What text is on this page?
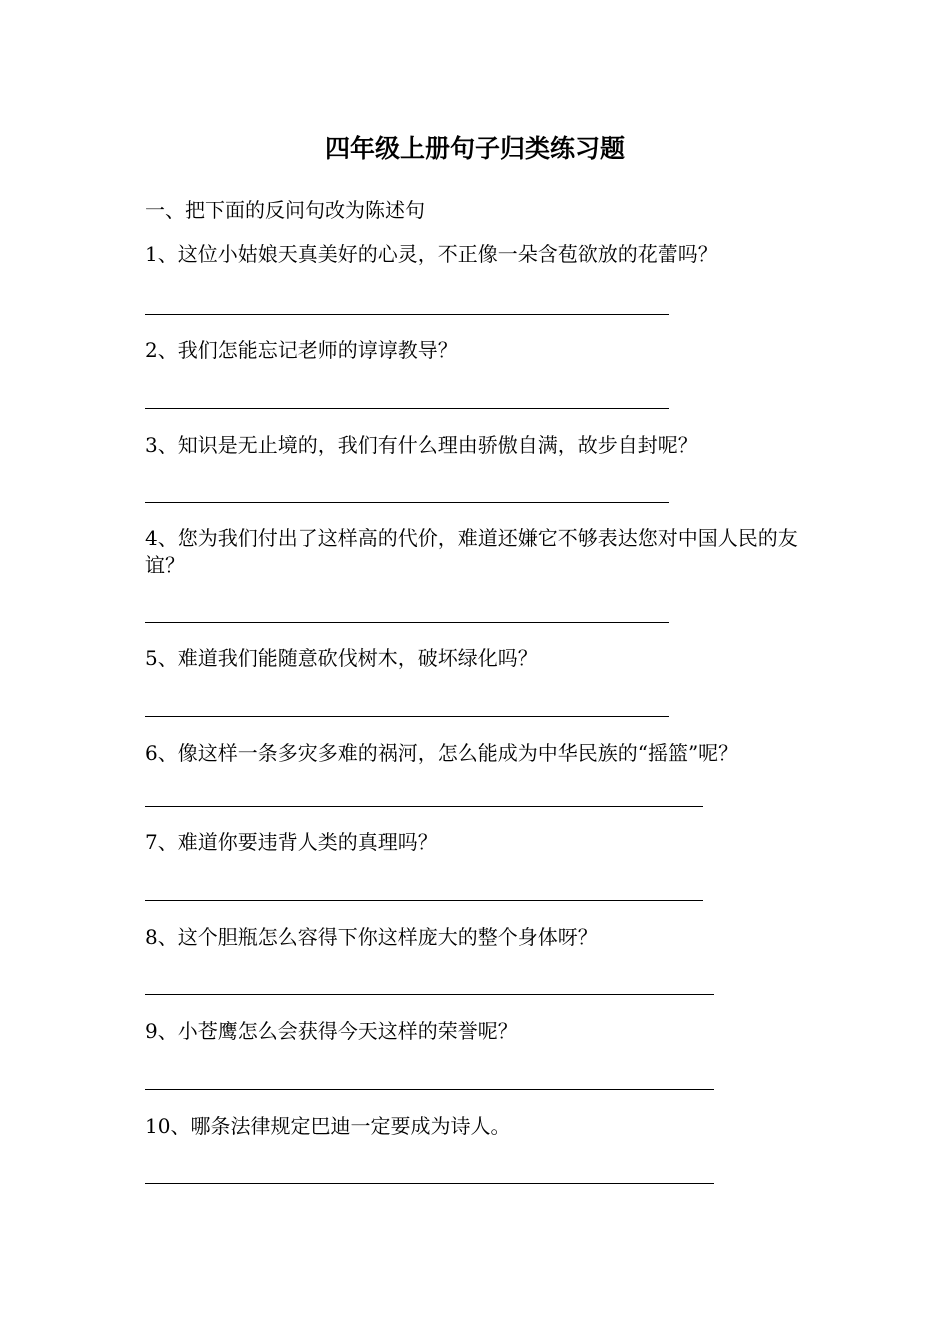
四年级上册句子归类练习题
一、把下面的反问句改为陈述句
1、这位小姑娘天真美好的心灵，不正像一朵含苞欲放的花蕾吗？
2、我们怎能忘记老师的谆谆教导？
3、知识是无止境的，我们有什么理由骄傲自满，故步自封呢？
4、您为我们付出了这样高的代价，难道还嫌它不够表达您对中国人民的友谊？
5、难道我们能随意砍伐树木，破坏绿化吗？
6、像这样一条多灾多难的祸河，怎么能成为中华民族的“摇篮”呢？
7、难道你要违背人类的真理吗？
8、这个胆瓶怎么容得下你这样庞大的整个身体呀？
9、小苍鹰怎么会获得今天这样的荣誉呢？
10、哪条法律规定巴迪一定要成为诗人。
